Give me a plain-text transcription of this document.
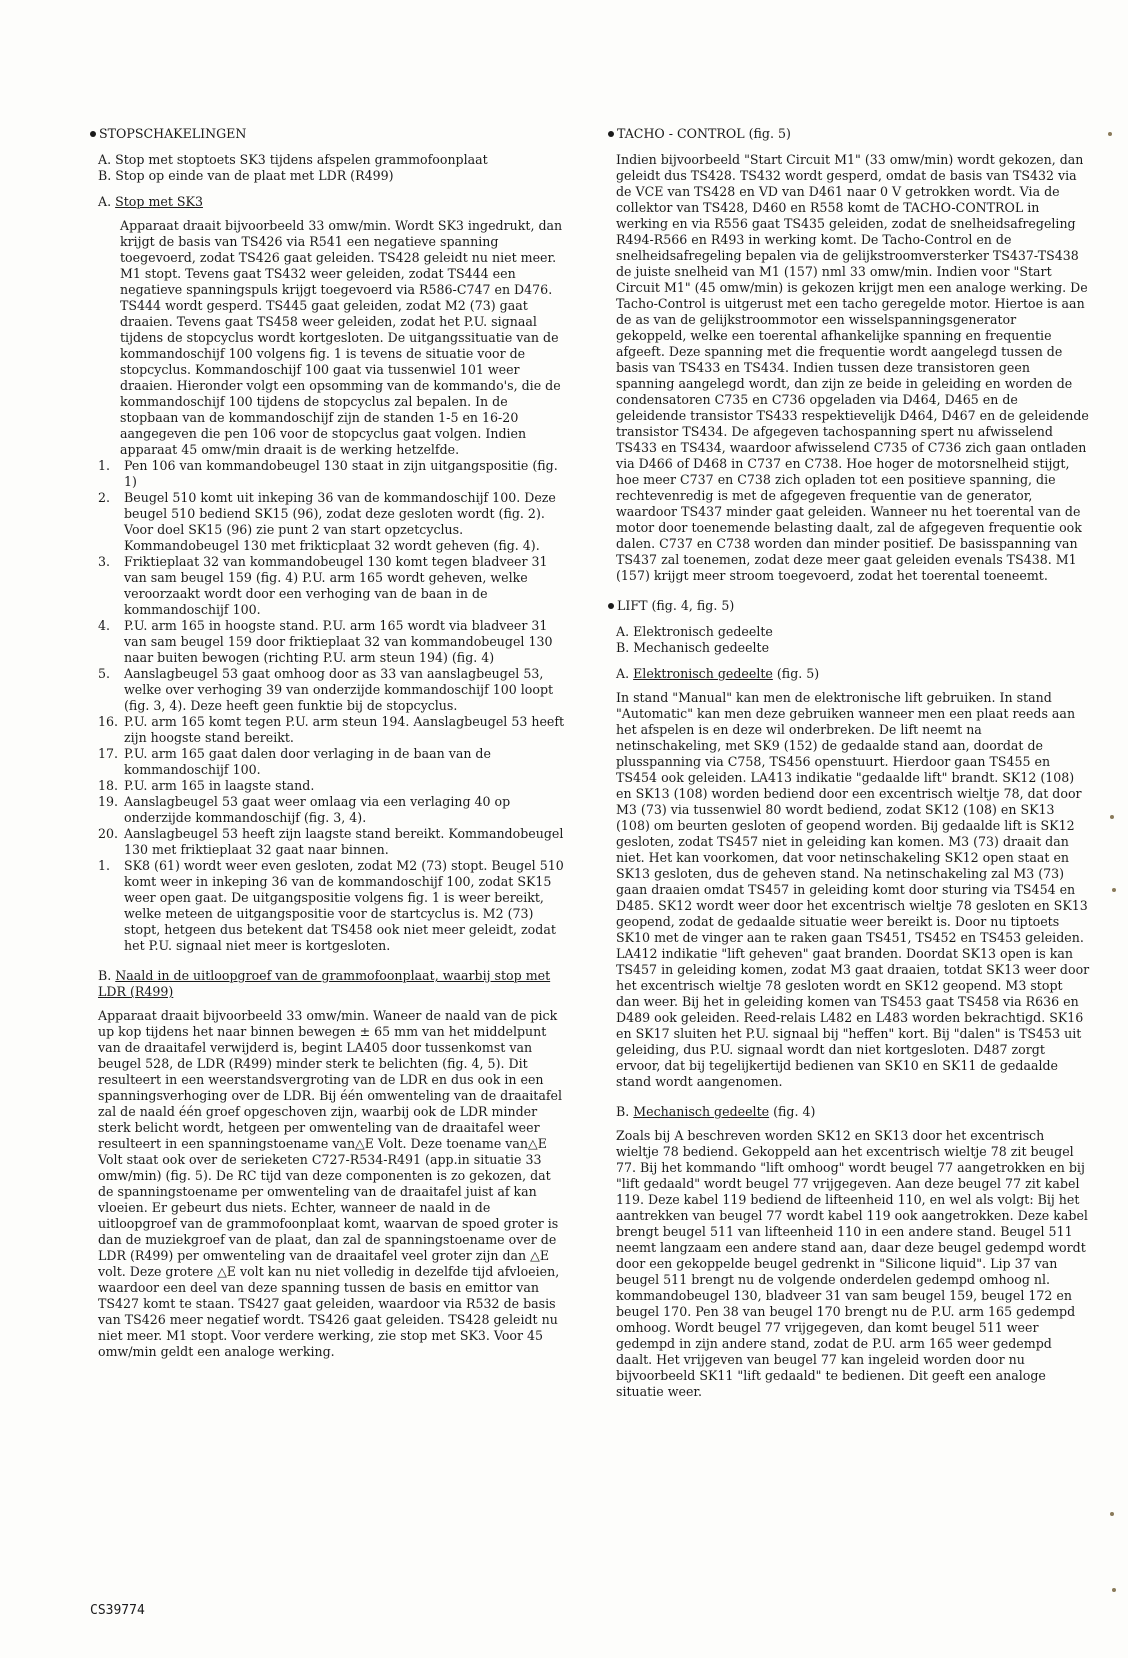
STOPSCHAKELINGEN
A. Stop met stoptoets SK3 tijdens afspelen grammofoonplaat
B. Stop op einde van de plaat met LDR (R499)
A. Stop met SK3
Apparaat draait bijvoorbeeld 33 omw/min. Wordt SK3 ingedrukt, dan krijgt de basis van TS426 via R541 een negatieve spanning toegevoerd, zodat TS426 gaat geleiden. TS428 geleidt nu niet meer. M1 stopt. Tevens gaat TS432 weer geleiden, zodat TS444 een negatieve spanningspuls krijgt toegevoerd via R586-C747 en D476. TS444 wordt gesperd. TS445 gaat geleiden, zodat M2 (73) gaat draaien. Tevens gaat TS458 weer geleiden, zodat het P.U. signaal tijdens de stopcyclus wordt kortgesloten. De uitgangssituatie van de kommandoschijf 100 volgens fig. 1 is tevens de situatie voor de stopcyclus. Kommandoschijf 100 gaat via tussenwiel 101 weer draaien. Hieronder volgt een opsomming van de kommando's, die de kommandoschijf 100 tijdens de stopcyclus zal bepalen. In de stopbaan van de kommandoschijf zijn de standen 1-5 en 16-20 aangegeven die pen 106 voor de stopcyclus gaat volgen. Indien apparaat 45 omw/min draait is de werking hetzelfde.
1.	Pen 106 van kommandobeugel 130 staat in zijn uitgangspositie (fig. 1)
2.	Beugel 510 komt uit inkeping 36 van de kommandoschijf 100. Deze beugel 510 bediend SK15 (96), zodat deze gesloten wordt (fig. 2). Voor doel SK15 (96) zie punt 2 van start opzetcyclus. Kommandobeugel 130 met frikticplaat 32 wordt geheven (fig. 4).
3.	Friktieplaat 32 van kommandobeugel 130 komt tegen bladveer 31 van sam beugel 159 (fig. 4) P.U. arm 165 wordt geheven, welke veroorzaakt wordt door een verhoging van de baan in de kommandoschijf 100.
4.	P.U. arm 165 in hoogste stand. P.U. arm 165 wordt via bladveer 31 van sam beugel 159 door friktieplaat 32 van kommandobeugel 130 naar buiten bewogen (richting P.U. arm steun 194) (fig. 4)
5.	Aanslagbeugel 53 gaat omhoog door as 33 van aanslagbeugel 53, welke over verhoging 39 van onderzijde kommandoschijf 100 loopt (fig. 3, 4). Deze heeft geen funktie bij de stopcyclus.
16. P.U. arm 165 komt tegen P.U. arm steun 194. Aanslagbeugel 53 heeft zijn hoogste stand bereikt.
17. P.U. arm 165 gaat dalen door verlaging in de baan van de kommandoschijf 100.
18. P.U. arm 165 in laagste stand.
19. Aanslagbeugel 53 gaat weer omlaag via een verlaging 40 op onderzijde kommandoschijf (fig. 3, 4).
20. Aanslagbeugel 53 heeft zijn laagste stand bereikt. Kommandobeugel 130 met friktieplaat 32 gaat naar binnen.
1.	SK8 (61) wordt weer even gesloten, zodat M2 (73) stopt. Beugel 510 komt weer in inkeping 36 van de kommandoschijf 100, zodat SK15 weer open gaat. De uitgangspositie volgens fig. 1 is weer bereikt, welke meteen de uitgangspositie voor de startcyclus is. M2 (73) stopt, hetgeen dus betekent dat TS458 ook niet meer geleidt, zodat het P.U. signaal niet meer is kortgesloten.
B. Naald in de uitloopgroef van de grammofoonplaat, waarbij stop met LDR (R499)
Apparaat draait bijvoorbeeld 33 omw/min. Waneer de naald van de pick up kop tijdens het naar binnen bewegen ± 65 mm van het middelpunt van de draaitafel verwijderd is, begint LA405 door tussenkomst van beugel 528, de LDR (R499) minder sterk te belichten (fig. 4, 5). Dit resulteert in een weerstandsvergroting van de LDR en dus ook in een spanningsverhoging over de LDR. Bij één omwenteling van de draaitafel zal de naald één groef opgeschoven zijn, waarbij ook de LDR minder sterk belicht wordt, hetgeen per omwenteling van de draaitafel weer resulteert in een spanningstoename van△E Volt. Deze toename van△E Volt staat ook over de serieketen C727-R534-R491 (app.in situatie 33 omw/min) (fig. 5). De RC tijd van deze componenten is zo gekozen, dat de spanningstoename per omwenteling van de draaitafel juist af kan vloeien. Er gebeurt dus niets. Echter, wanneer de naald in de uitloopgroef van de grammofoonplaat komt, waarvan de spoed groter is dan de muziekgroef van de plaat, dan zal de spanningstoename over de LDR (R499) per omwenteling van de draaitafel veel groter zijn dan △E volt. Deze grotere △E volt kan nu niet volledig in dezelfde tijd afvloeien, waardoor een deel van deze spanning tussen de basis en emittor van TS427 komt te staan. TS427 gaat geleiden, waardoor via R532 de basis van TS426 meer negatief wordt. TS426 gaat geleiden. TS428 geleidt nu niet meer. M1 stopt. Voor verdere werking, zie stop met SK3. Voor 45 omw/min geldt een analoge werking.
TACHO - CONTROL (fig. 5)
Indien bijvoorbeeld "Start Circuit M1" (33 omw/min) wordt gekozen, dan geleidt dus TS428. TS432 wordt gesperd, omdat de basis van TS432 via de VCE van TS428 en VD van D461 naar 0 V getrokken wordt. Via de collektor van TS428, D460 en R558 komt de TACHO-CONTROL in werking en via R556 gaat TS435 geleiden, zodat de snelheidsafregeling R494-R566 en R493 in werking komt. De Tacho-Control en de snelheidsafregeling bepalen via de gelijkstroomversterker TS437-TS438 de juiste snelheid van M1 (157) nml 33 omw/min. Indien voor "Start Circuit M1" (45 omw/min) is gekozen krijgt men een analoge werking. De Tacho-Control is uitgerust met een tacho geregelde motor. Hiertoe is aan de as van de gelijkstroommotor een wisselspanningsgenerator gekoppeld, welke een toerental afhankelijke spanning en frequentie afgeeft. Deze spanning met die frequentie wordt aangelegd tussen de basis van TS433 en TS434. Indien tussen deze transistoren geen spanning aangelegd wordt, dan zijn ze beide in geleiding en worden de condensatoren C735 en C736 opgeladen via D464, D465 en de geleidende transistor TS433 respektievelijk D464, D467 en de geleidende transistor TS434. De afgegeven tachospanning spert nu afwisselend TS433 en TS434, waardoor afwisselend C735 of C736 zich gaan ontladen via D466 of D468 in C737 en C738. Hoe hoger de motorsnelheid stijgt, hoe meer C737 en C738 zich opladen tot een positieve spanning, die rechtevenredig is met de afgegeven frequentie van de generator, waardoor TS437 minder gaat geleiden. Wanneer nu het toerental van de motor door toenemende belasting daalt, zal de afgegeven frequentie ook dalen. C737 en C738 worden dan minder positief. De basisspanning van TS437 zal toenemen, zodat deze meer gaat geleiden evenals TS438. M1 (157) krijgt meer stroom toegevoerd, zodat het toerental toeneemt.
LIFT (fig. 4, fig. 5)
A. Elektronisch gedeelte
B. Mechanisch gedeelte
A. Elektronisch gedeelte (fig. 5)
In stand "Manual" kan men de elektronische lift gebruiken. In stand "Automatic" kan men deze gebruiken wanneer men een plaat reeds aan het afspelen is en deze wil onderbreken. De lift neemt na netinschakeling, met SK9 (152) de gedaalde stand aan, doordat de plusspanning via C758, TS456 openstuurt. Hierdoor gaan TS455 en TS454 ook geleiden. LA413 indikatie "gedaalde lift" brandt. SK12 (108) en SK13 (108) worden bediend door een excentrisch wieltje 78, dat door M3 (73) via tussenwiel 80 wordt bediend, zodat SK12 (108) en SK13 (108) om beurten gesloten of geopend worden. Bij gedaalde lift is SK12 gesloten, zodat TS457 niet in geleiding kan komen. M3 (73) draait dan niet. Het kan voorkomen, dat voor netinschakeling SK12 open staat en SK13 gesloten, dus de geheven stand. Na netinschakeling zal M3 (73) gaan draaien omdat TS457 in geleiding komt door sturing via TS454 en D485. SK12 wordt weer door het excentrisch wieltje 78 gesloten en SK13 geopend, zodat de gedaalde situatie weer bereikt is. Door nu tiptoets SK10 met de vinger aan te raken gaan TS451, TS452 en TS453 geleiden. LA412 indikatie "lift geheven" gaat branden. Doordat SK13 open is kan TS457 in geleiding komen, zodat M3 gaat draaien, totdat SK13 weer door het excentrisch wieltje 78 gesloten wordt en SK12 geopend. M3 stopt dan weer. Bij het in geleiding komen van TS453 gaat TS458 via R636 en D489 ook geleiden. Reed-relais L482 en L483 worden bekrachtigd. SK16 en SK17 sluiten het P.U. signaal bij "heffen" kort. Bij "dalen" is TS453 uit geleiding, dus P.U. signaal wordt dan niet kortgesloten. D487 zorgt ervoor, dat bij tegelijkertijd bedienen van SK10 en SK11 de gedaalde stand wordt aangenomen.
B. Mechanisch gedeelte (fig. 4)
Zoals bij A beschreven worden SK12 en SK13 door het excentrisch wieltje 78 bediend. Gekoppeld aan het excentrisch wieltje 78 zit beugel 77. Bij het kommando "lift omhoog" wordt beugel 77 aangetrokken en bij "lift gedaald" wordt beugel 77 vrijgegeven. Aan deze beugel 77 zit kabel 119. Deze kabel 119 bediend de lifteenheid 110, en wel als volgt: Bij het aantrekken van beugel 77 wordt kabel 119 ook aangetrokken. Deze kabel brengt beugel 511 van lifteenheid 110 in een andere stand. Beugel 511 neemt langzaam een andere stand aan, daar deze beugel gedempd wordt door een gekoppelde beugel gedrenkt in "Silicone liquid". Lip 37 van beugel 511 brengt nu de volgende onderdelen gedempd omhoog nl. kommandobeugel 130, bladveer 31 van sam beugel 159, beugel 172 en beugel 170. Pen 38 van beugel 170 brengt nu de P.U. arm 165 gedempd omhoog. Wordt beugel 77 vrijgegeven, dan komt beugel 511 weer gedempd in zijn andere stand, zodat de P.U. arm 165 weer gedempd daalt. Het vrijgeven van beugel 77 kan ingeleid worden door nu bijvoorbeeld SK11 "lift gedaald" te bedienen. Dit geeft een analoge situatie weer.
CS39774
